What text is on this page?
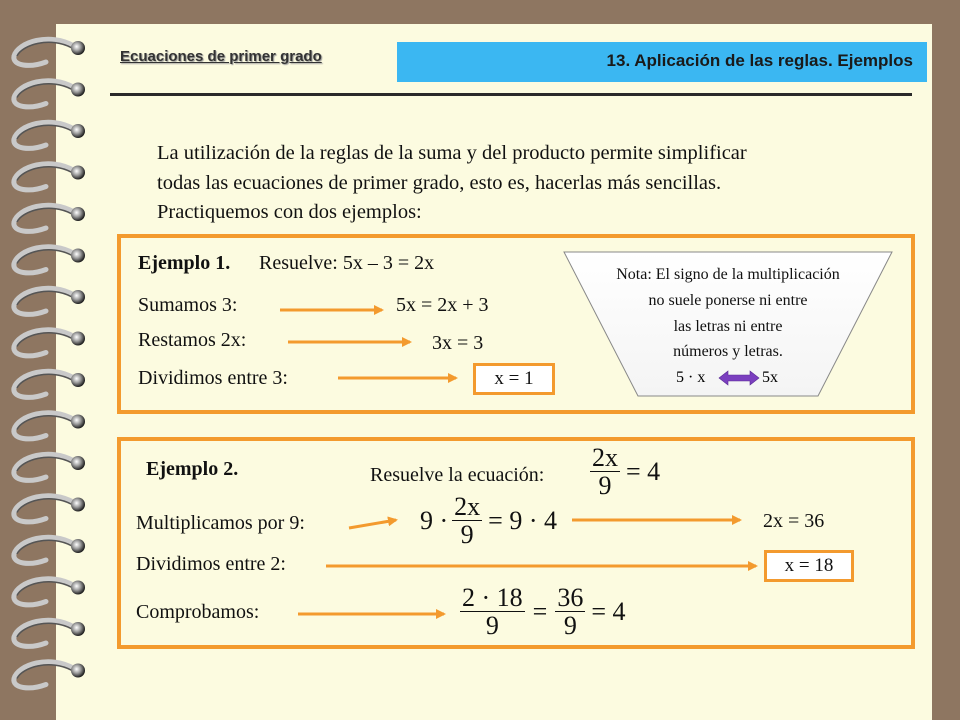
Ecuaciones de primer grado	13. Aplicación de las reglas. Ejemplos
La utilización de la reglas de la suma y del producto permite simplificar
todas las ecuaciones de primer grado, esto es, hacerlas más sencillas.
Practiquemos con dos ejemplos:
Ejemplo 1. Resuelve: 5x – 3 = 2x
Sumamos 3:	5x = 2x + 3
Restamos 2x:	3x = 3
Dividimos entre 3:	x = 1
Nota: El signo de la multiplicación
no suele ponerse ni entre
las letras ni entre
números y letras.
5 · x	5x
Ejemplo 2.	Resuelve la ecuación: $\frac{2x}{9} = 4$
Multiplicamos por 9:	$9 \cdot \frac{2x}{9} = 9 \cdot 4$	2x = 36
Dividimos entre 2:	x = 18
Comprobamos:	$\frac{2 \cdot 18}{9} = \frac{36}{9} = 4$
